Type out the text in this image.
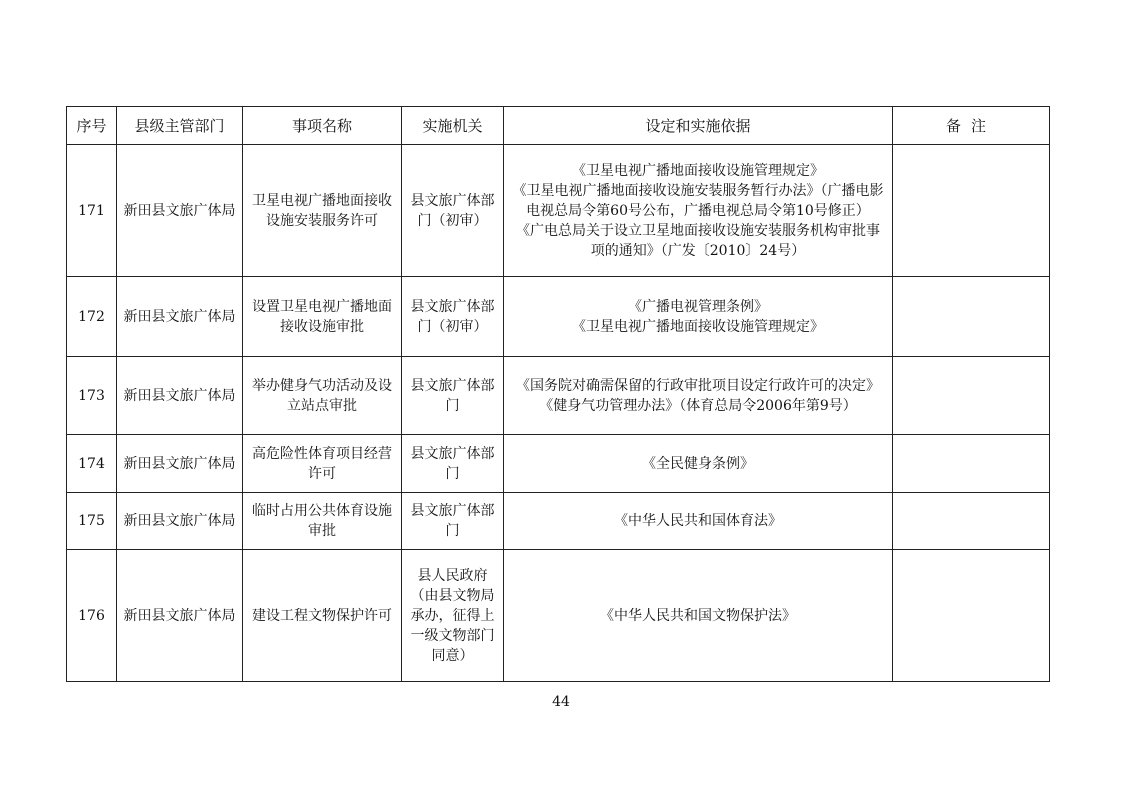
序号	县级主管部门	事项名称	实施机关	设定和实施依据	备注
171	新田县文旅广体局	卫星电视广播地面接收设施安装服务许可	县文旅广体部门（初审）	《卫星电视广播地面接收设施管理规定》
《卫星电视广播地面接收设施安装服务暂行办法》（广播电影电视总局令第60号公布，广播电视总局令第10号修正）
《广电总局关于设立卫星地面接收设施安装服务机构审批事项的通知》（广发〔2010〕24号）	

172	新田县文旅广体局	设置卫星电视广播地面接收设施审批	县文旅广体部门（初审）	《广播电视管理条例》
《卫星电视广播地面接收设施管理规定》	

173	新田县文旅广体局	举办健身气功活动及设立站点审批	县文旅广体部门	《国务院对确需保留的行政审批项目设定行政许可的决定》
《健身气功管理办法》（体育总局令2006年第9号）	

174	新田县文旅广体局	高危险性体育项目经营许可	县文旅广体部门	《全民健身条例》	

175	新田县文旅广体局	临时占用公共体育设施审批	县文旅广体部门	《中华人民共和国体育法》	

176	新田县文旅广体局	建设工程文物保护许可	县人民政府（由县文物局承办，征得上一级文物部门同意）	《中华人民共和国文物保护法》	

44
